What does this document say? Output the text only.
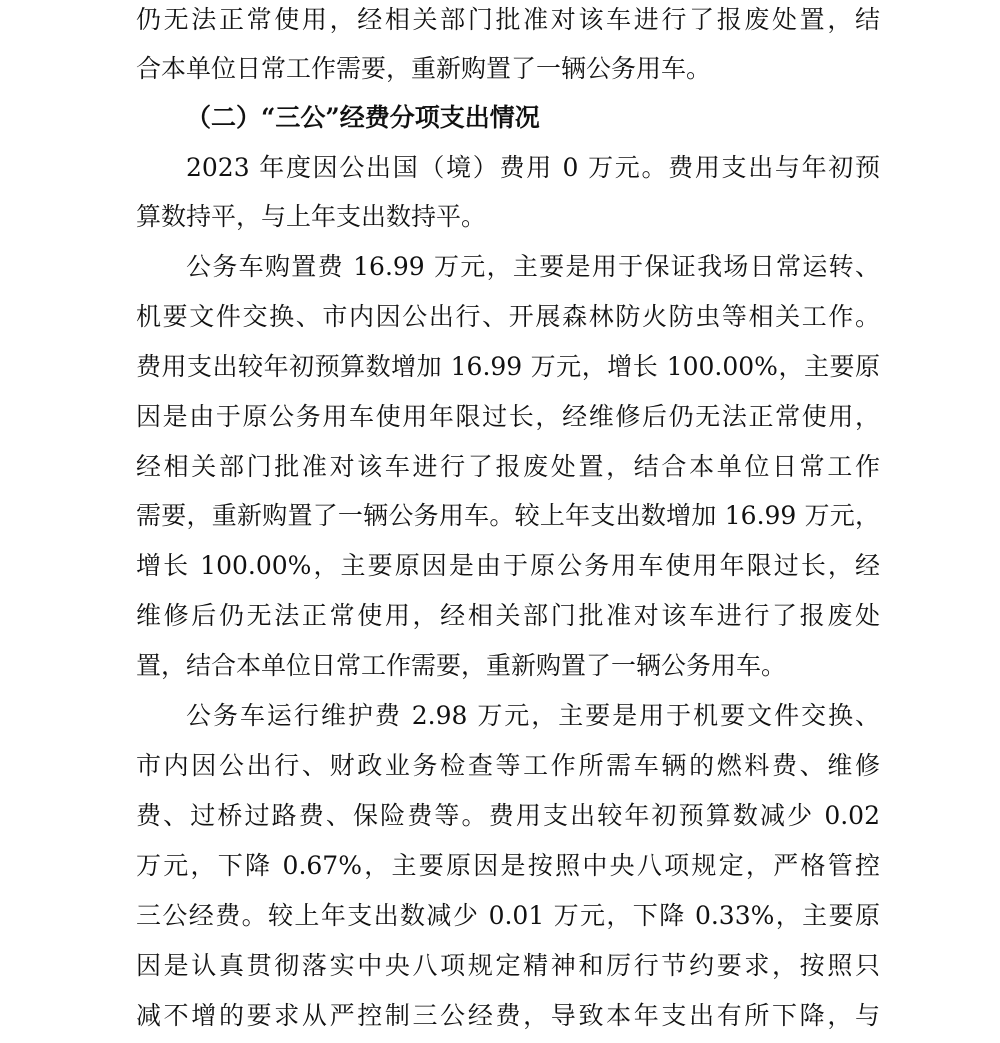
仍无法正常使用，经相关部门批准对该车进行了报废处置，结
合本单位日常工作需要，重新购置了一辆公务用车。
（二）“三公”经费分项支出情况
2023 年度因公出国（境）费用 0 万元。费用支出与年初预
算数持平，与上年支出数持平。
公务车购置费 16.99 万元，主要是用于保证我场日常运转、
机要文件交换、市内因公出行、开展森林防火防虫等相关工作。
费用支出较年初预算数增加 16.99 万元，增长 100.00%，主要原
因是由于原公务用车使用年限过长，经维修后仍无法正常使用，
经相关部门批准对该车进行了报废处置，结合本单位日常工作
需要，重新购置了一辆公务用车。较上年支出数增加 16.99 万元，
增长 100.00%，主要原因是由于原公务用车使用年限过长，经
维修后仍无法正常使用，经相关部门批准对该车进行了报废处
置，结合本单位日常工作需要，重新购置了一辆公务用车。
公务车运行维护费 2.98 万元，主要是用于机要文件交换、
市内因公出行、财政业务检查等工作所需车辆的燃料费、维修
费、过桥过路费、保险费等。费用支出较年初预算数减少 0.02
万元，下降 0.67%，主要原因是按照中央八项规定，严格管控
三公经费。较上年支出数减少 0.01 万元，下降 0.33%，主要原
因是认真贯彻落实中央八项规定精神和厉行节约要求，按照只
减不增的要求从严控制三公经费，导致本年支出有所下降，与
